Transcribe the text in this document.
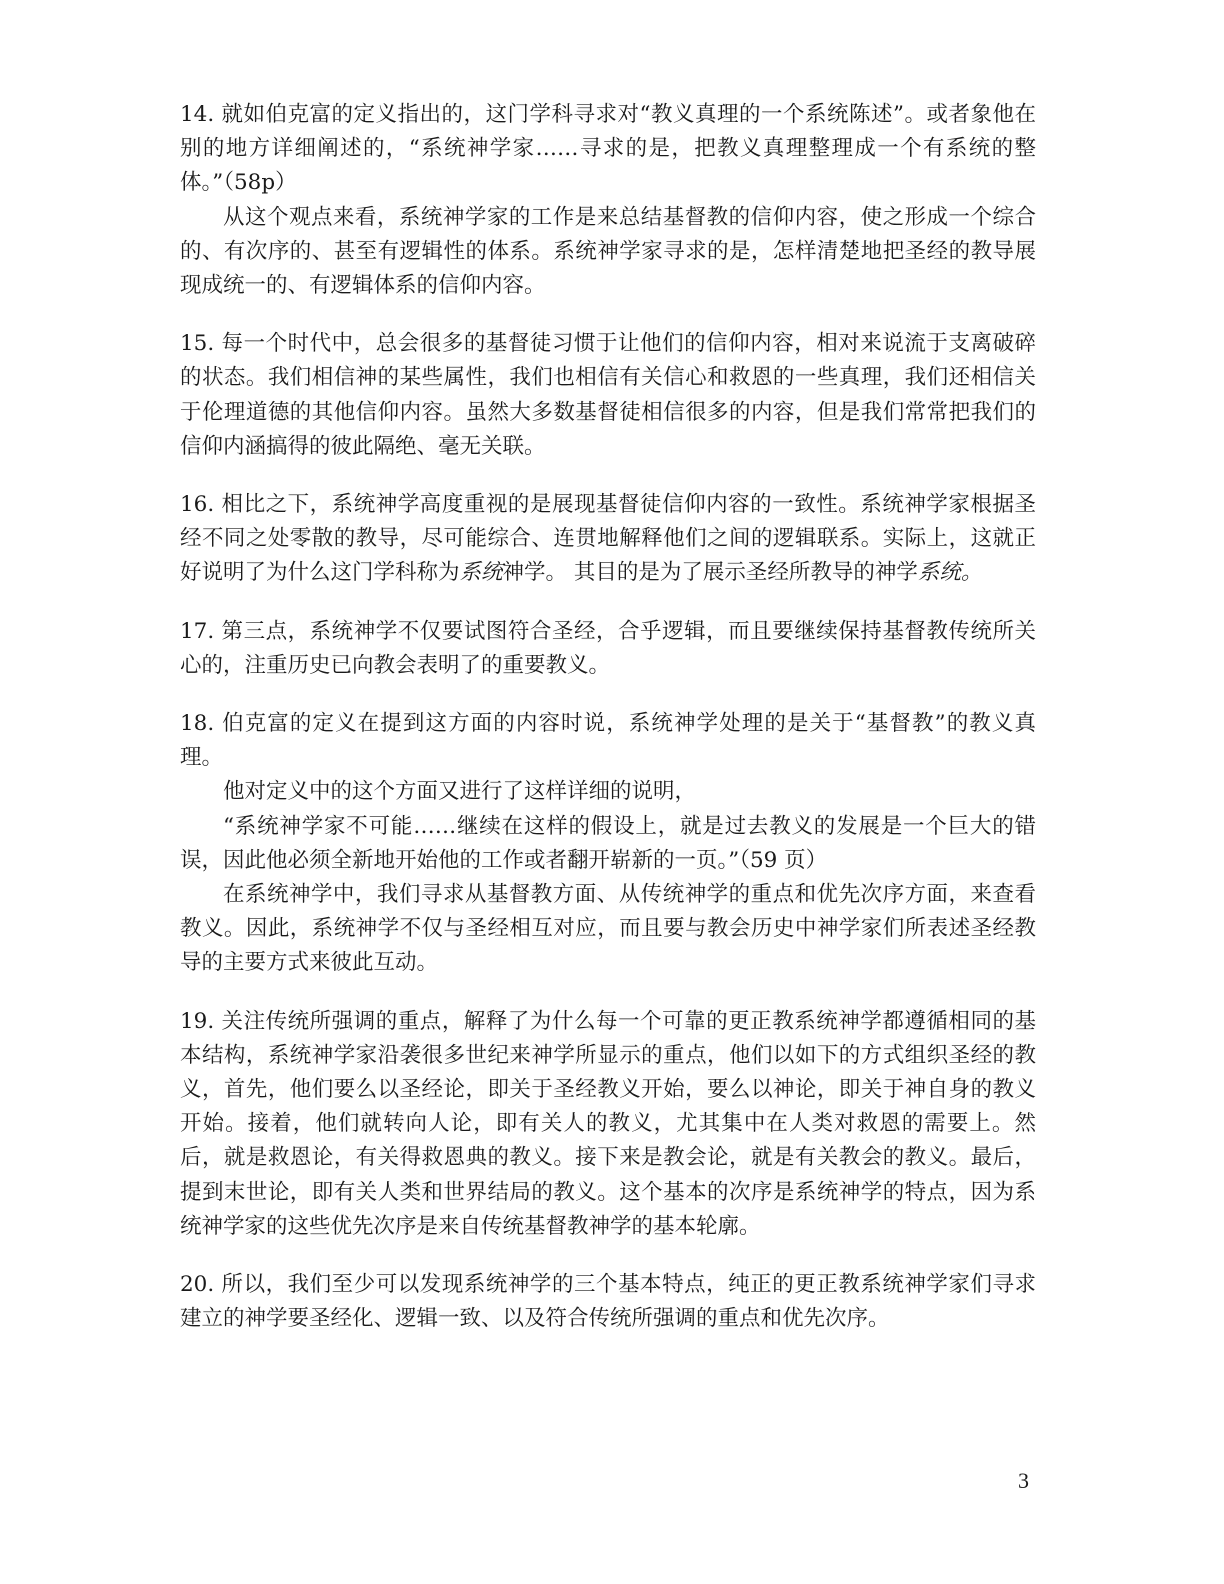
14. 就如伯克富的定义指出的，这门学科寻求对“教义真理的一个系统陈述”。或者象他在别的地方详细阐述的，“系统神学家……寻求的是，把教义真理整理成一个有系统的整体。”（58p）

从这个观点来看，系统神学家的工作是来总结基督教的信仰内容，使之形成一个综合的、有次序的、甚至有逻辑性的体系。系统神学家寻求的是，怎样清楚地把圣经的教导展现成统一的、有逻辑体系的信仰内容。

15. 每一个时代中，总会很多的基督徒习惯于让他们的信仰内容，相对来说流于支离破碎的状态。我们相信神的某些属性，我们也相信有关信心和救恩的一些真理，我们还相信关于伦理道德的其他信仰内容。虽然大多数基督徒相信很多的内容，但是我们常常把我们的信仰内涵搞得的彼此隔绝、毫无关联。

16. 相比之下，系统神学高度重视的是展现基督徒信仰内容的一致性。系统神学家根据圣经不同之处零散的教导，尽可能综合、连贯地解释他们之间的逻辑联系。实际上，这就正好说明了为什么这门学科称为系统神学。 其目的是为了展示圣经所教导的神学系统。

17. 第三点，系统神学不仅要试图符合圣经，合乎逻辑，而且要继续保持基督教传统所关心的，注重历史已向教会表明了的重要教义。

18. 伯克富的定义在提到这方面的内容时说，系统神学处理的是关于“基督教”的教义真理。

他对定义中的这个方面又进行了这样详细的说明，

“系统神学家不可能……继续在这样的假设上，就是过去教义的发展是一个巨大的错误，因此他必须全新地开始他的工作或者翻开崭新的一页。”（59 页）

在系统神学中，我们寻求从基督教方面、从传统神学的重点和优先次序方面，来查看教义。因此，系统神学不仅与圣经相互对应，而且要与教会历史中神学家们所表述圣经教导的主要方式来彼此互动。

19. 关注传统所强调的重点，解释了为什么每一个可靠的更正教系统神学都遵循相同的基本结构，系统神学家沿袭很多世纪来神学所显示的重点，他们以如下的方式组织圣经的教义，首先，他们要么以圣经论，即关于圣经教义开始，要么以神论，即关于神自身的教义开始。接着，他们就转向人论，即有关人的教义，尤其集中在人类对救恩的需要上。然后，就是救恩论，有关得救恩典的教义。接下来是教会论，就是有关教会的教义。最后，提到末世论，即有关人类和世界结局的教义。这个基本的次序是系统神学的特点，因为系统神学家的这些优先次序是来自传统基督教神学的基本轮廓。

20. 所以，我们至少可以发现系统神学的三个基本特点，纯正的更正教系统神学家们寻求建立的神学要圣经化、逻辑一致、以及符合传统所强调的重点和优先次序。

3
